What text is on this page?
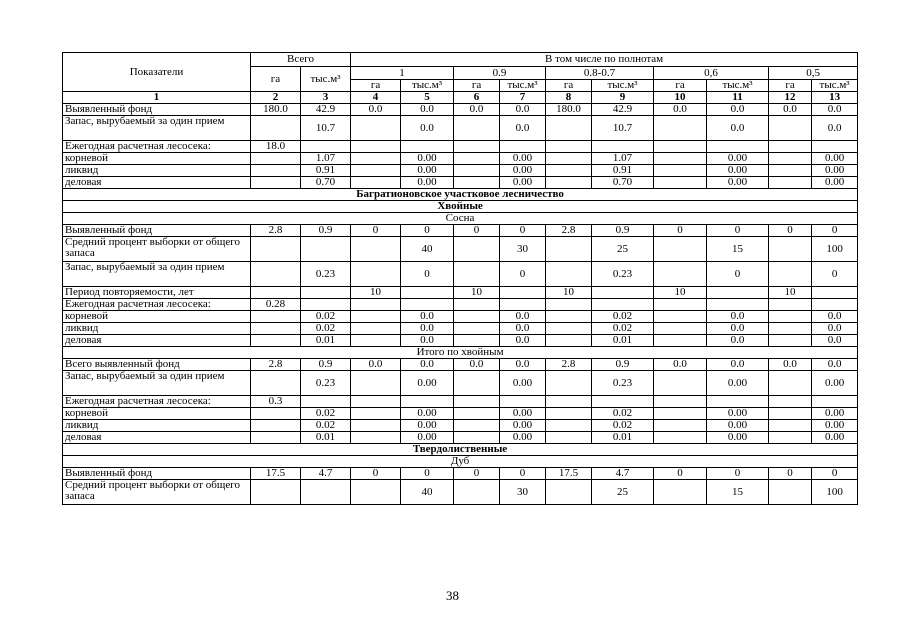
Показатели	Всего		В том числе по полнотам									
	га	тыс.м³	1		0.9		0.8-0.7		0,6		0,5	
			га	тыс.м³	га	тыс.м³	га	тыс.м³	га	тыс.м³	га	тыс.м³
1	2	3	4	5	6	7	8	9	10	11	12	13
Выявленный фонд	180.0	42.9	0.0	0.0	0.0	0.0	180.0	42.9	0.0	0.0	0.0	0.0
Запас, вырубаемый за один прием		10.7		0.0		0.0		10.7		0.0		0.0
Ежегодная расчетная лесосека:	18.0											
корневой		1.07		0.00		0.00		1.07		0.00		0.00
ликвид		0.91		0.00		0.00		0.91		0.00		0.00
деловая		0.70		0.00		0.00		0.70		0.00		0.00
Багратионовское участковое лесничество												
Хвойные												
Сосна												
Выявленный фонд	2.8	0.9	0	0	0	0	2.8	0.9	0	0	0	0
Средний процент выборки от общего запаса				40		30		25		15		100
Запас, вырубаемый за один прием		0.23		0		0		0.23		0		0
Период повторяемости, лет			10		10		10		10		10	
Ежегодная расчетная лесосека:	0.28											
корневой		0.02		0.0		0.0		0.02		0.0		0.0
ликвид		0.02		0.0		0.0		0.02		0.0		0.0
деловая		0.01		0.0		0.0		0.01		0.0		0.0
Итого по хвойным												
Всего выявленный фонд	2.8	0.9	0.0	0.0	0.0	0.0	2.8	0.9	0.0	0.0	0.0	0.0
Запас, вырубаемый за один прием		0.23		0.00		0.00		0.23		0.00		0.00
Ежегодная расчетная лесосека:	0.3											
корневой		0.02		0.00		0.00		0.02		0.00		0.00
ликвид		0.02		0.00		0.00		0.02		0.00		0.00
деловая		0.01		0.00		0.00		0.01		0.00		0.00
Твердолиственные												
Дуб												
Выявленный фонд	17.5	4.7	0	0	0	0	17.5	4.7	0	0	0	0
Средний процент выборки от общего запаса				40		30		25		15		100
38
